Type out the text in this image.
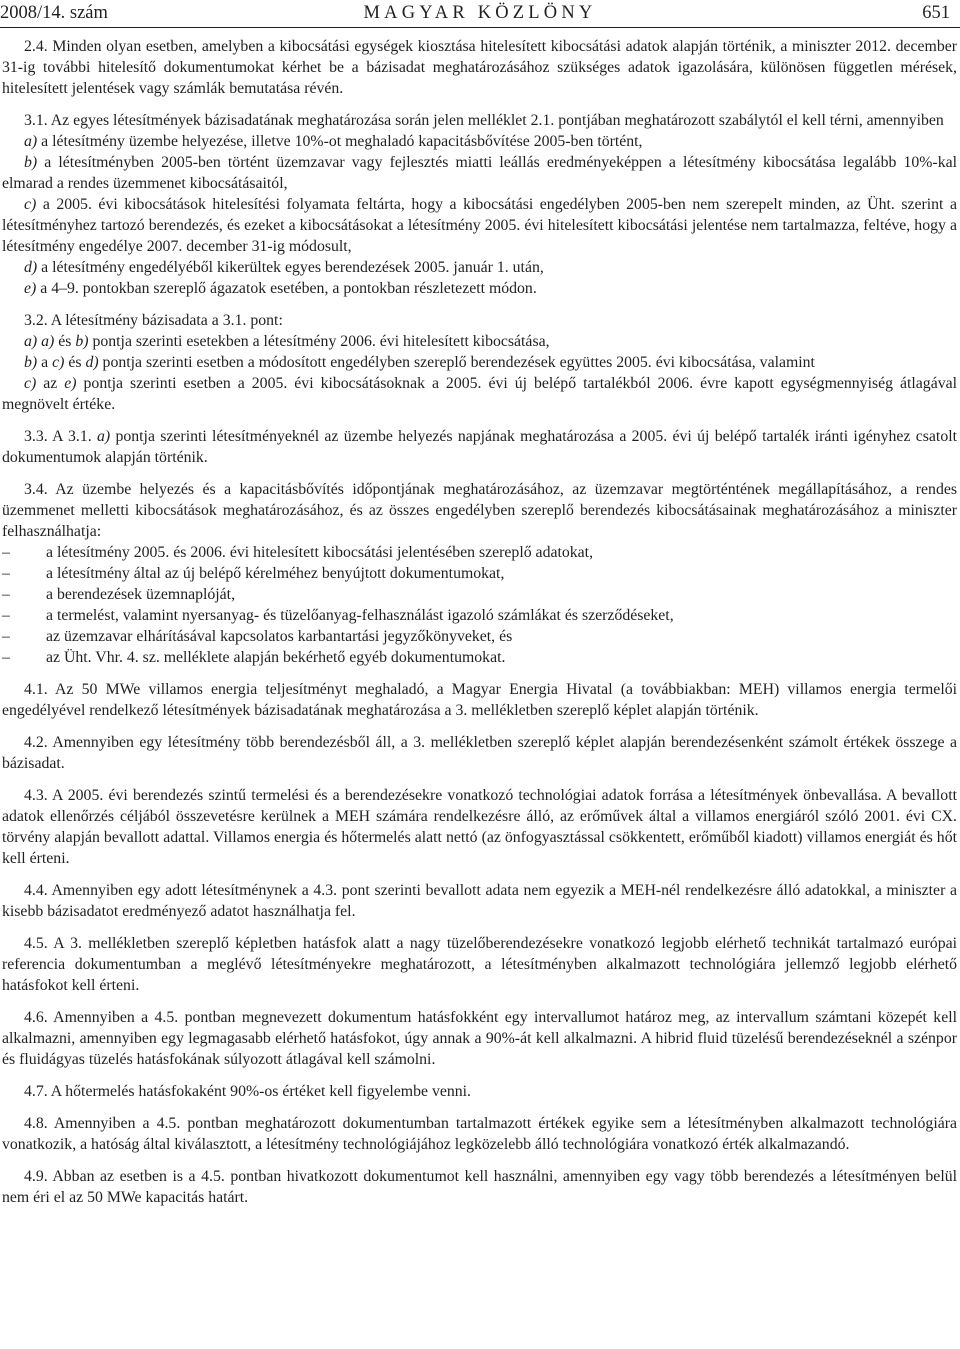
2008/14. szám	MAGYAR KÖZLÖNY	651

2.4. Minden olyan esetben, amelyben a kibocsátási egységek kiosztása hitelesített kibocsátási adatok alapján történik, a miniszter 2012. december 31-ig további hitelesítő dokumentumokat kérhet be a bázisadat meghatározásához szükséges adatok igazolására, különösen független mérések, hitelesített jelentések vagy számlák bemutatása révén.

3.1. Az egyes létesítmények bázisadatának meghatározása során jelen melléklet 2.1. pontjában meghatározott szabálytól el kell térni, amennyiben

a) a létesítmény üzembe helyezése, illetve 10%-ot meghaladó kapacitásbővítése 2005-ben történt,

b) a létesítményben 2005-ben történt üzemzavar vagy fejlesztés miatti leállás eredményeképpen a létesítmény kibocsátása legalább 10%-kal elmarad a rendes üzemmenet kibocsátásaitól,

c) a 2005. évi kibocsátások hitelesítési folyamata feltárta, hogy a kibocsátási engedélyben 2005-ben nem szerepelt minden, az Üht. szerint a létesítményhez tartozó berendezés, és ezeket a kibocsátásokat a létesítmény 2005. évi hitelesített kibocsátási jelentése nem tartalmazza, feltéve, hogy a létesítmény engedélye 2007. december 31-ig módosult,

d) a létesítmény engedélyéből kikerültek egyes berendezések 2005. január 1. után,

e) a 4–9. pontokban szereplő ágazatok esetében, a pontokban részletezett módon.

3.2. A létesítmény bázisadata a 3.1. pont:

a) a) és b) pontja szerinti esetekben a létesítmény 2006. évi hitelesített kibocsátása,

b) a c) és d) pontja szerinti esetben a módosított engedélyben szereplő berendezések együttes 2005. évi kibocsátása, valamint

c) az e) pontja szerinti esetben a 2005. évi kibocsátásoknak a 2005. évi új belépő tartalékból 2006. évre kapott egységmennyiség átlagával megnövelt értéke.

3.3. A 3.1. a) pontja szerinti létesítményeknél az üzembe helyezés napjának meghatározása a 2005. évi új belépő tartalék iránti igényhez csatolt dokumentumok alapján történik.

3.4. Az üzembe helyezés és a kapacitásbővítés időpontjának meghatározásához, az üzemzavar megtörténtének megállapításához, a rendes üzemmenet melletti kibocsátások meghatározásához, és az összes engedélyben szereplő berendezés kibocsátásainak meghatározásához a miniszter felhasználhatja:

– a létesítmény 2005. és 2006. évi hitelesített kibocsátási jelentésében szereplő adatokat,

– a létesítmény által az új belépő kérelméhez benyújtott dokumentumokat,

– a berendezések üzemnaplóját,

– a termelést, valamint nyersanyag- és tüzelőanyag-felhasználást igazoló számlákat és szerződéseket,

– az üzemzavar elhárításával kapcsolatos karbantartási jegyzőkönyveket, és

– az Üht. Vhr. 4. sz. melléklete alapján bekérhető egyéb dokumentumokat.

4.1. Az 50 MWe villamos energia teljesítményt meghaladó, a Magyar Energia Hivatal (a továbbiakban: MEH) villamos energia termelői engedélyével rendelkező létesítmények bázisadatának meghatározása a 3. mellékletben szereplő képlet alapján történik.

4.2. Amennyiben egy létesítmény több berendezésből áll, a 3. mellékletben szereplő képlet alapján berendezésenként számolt értékek összege a bázisadat.

4.3. A 2005. évi berendezés szintű termelési és a berendezésekre vonatkozó technológiai adatok forrása a létesítmények önbevallása. A bevallott adatok ellenőrzés céljából összevetésre kerülnek a MEH számára rendelkezésre álló, az erőművek által a villamos energiáról szóló 2001. évi CX. törvény alapján bevallott adattal. Villamos energia és hőtermelés alatt nettó (az önfogyasztással csökkentett, erőműből kiadott) villamos energiát és hőt kell érteni.

4.4. Amennyiben egy adott létesítménynek a 4.3. pont szerinti bevallott adata nem egyezik a MEH-nél rendelkezésre álló adatokkal, a miniszter a kisebb bázisadatot eredményező adatot használhatja fel.

4.5. A 3. mellékletben szereplő képletben hatásfok alatt a nagy tüzelőberendezésekre vonatkozó legjobb elérhető technikát tartalmazó európai referencia dokumentumban a meglévő létesítményekre meghatározott, a létesítményben alkalmazott technológiára jellemző legjobb elérhető hatásfokot kell érteni.

4.6. Amennyiben a 4.5. pontban megnevezett dokumentum hatásfokként egy intervallumot határoz meg, az intervallum számtani közepét kell alkalmazni, amennyiben egy legmagasabb elérhető hatásfokot, úgy annak a 90%-át kell alkalmazni. A hibrid fluid tüzelésű berendezéseknél a szénpor és fluidágyas tüzelés hatásfokának súlyozott átlagával kell számolni.

4.7. A hőtermelés hatásfokaként 90%-os értéket kell figyelembe venni.

4.8. Amennyiben a 4.5. pontban meghatározott dokumentumban tartalmazott értékek egyike sem a létesítményben alkalmazott technológiára vonatkozik, a hatóság által kiválasztott, a létesítmény technológiájához legközelebb álló technológiára vonatkozó érték alkalmazandó.

4.9. Abban az esetben is a 4.5. pontban hivatkozott dokumentumot kell használni, amennyiben egy vagy több berendezés a létesítményen belül nem éri el az 50 MWe kapacitás határt.
